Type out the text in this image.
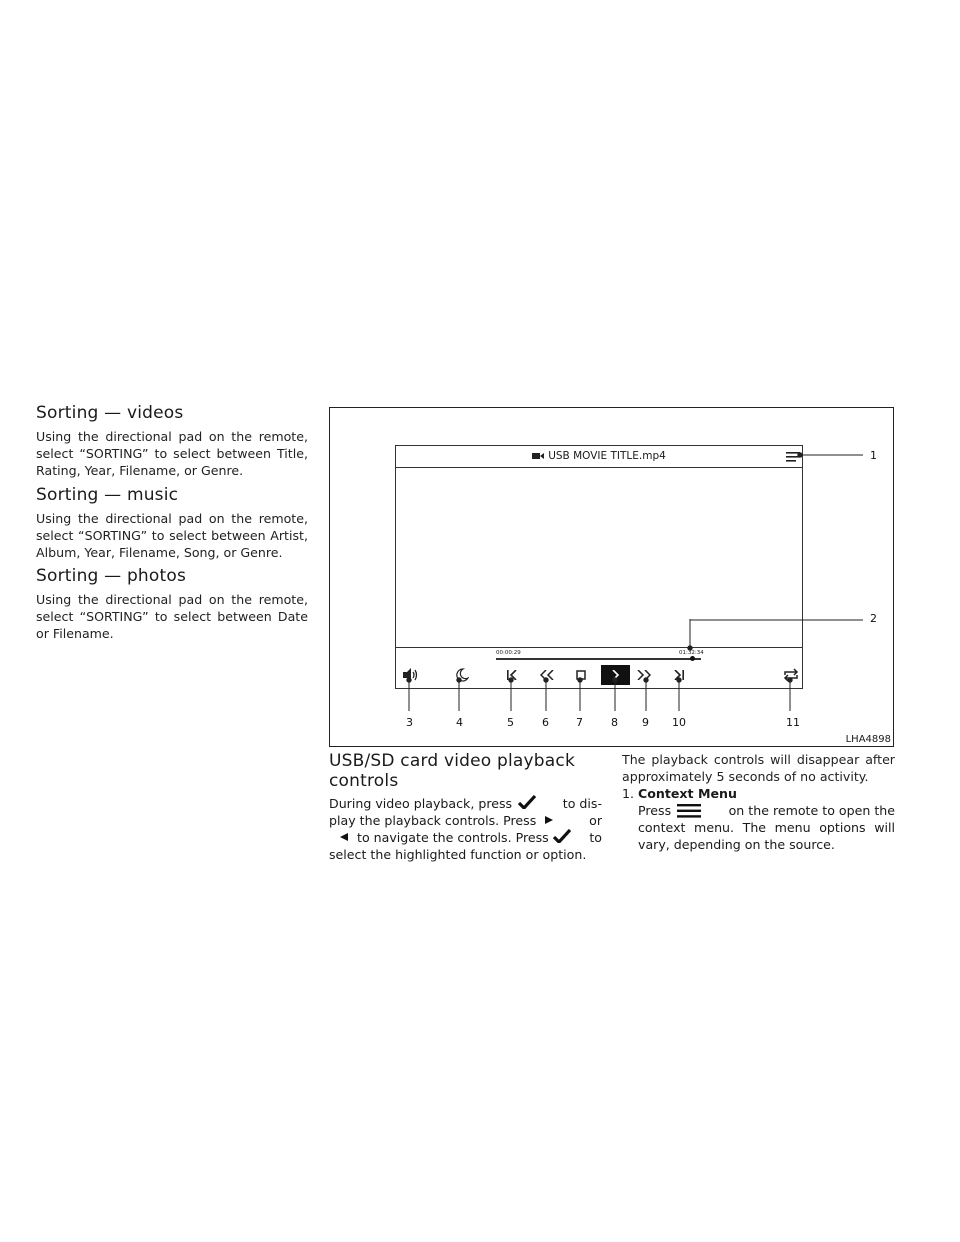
Sorting — videos

Using the directional pad on the remote, select “SORTING” to select between Title, Rating, Year, Filename, or Genre.

Sorting — music

Using the directional pad on the remote, select “SORTING” to select between Artist, Album, Year, Filename, Song, or Genre.

Sorting — photos

Using the directional pad on the remote, select “SORTING” to select between Date or Filename.

USB MOVIE TITLE.mp4
00:00:29	01:32:34
1
2
3	4	5	6 7	8 9 10	11
LHA4898
USB/SD card video playback
controls
During video playback, press	to dis-
play the playback controls. Press	or
to navigate the controls. Press	to
select the highlighted function or option.

The playback controls will disappear after approximately 5 seconds of no activity.

1. Context Menu
Press	on the remote to open the
context menu. The menu options will
vary, depending on the source.
